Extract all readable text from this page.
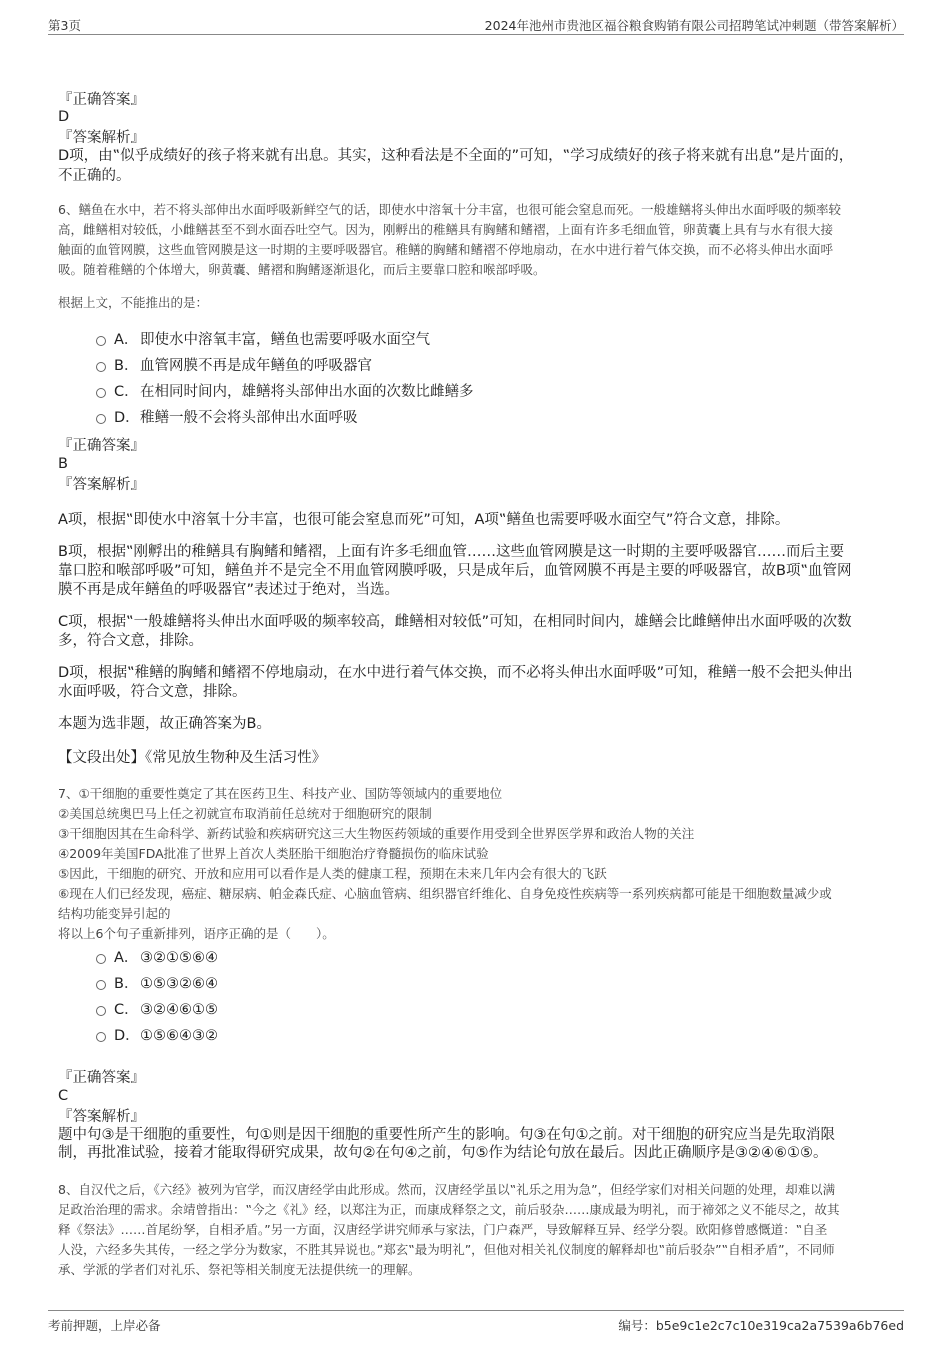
第3页	2024年池州市贵池区福谷粮食购销有限公司招聘笔试冲刺题（带答案解析）
『正确答案』
D
『答案解析』
D项，由‟似乎成绩好的孩子将来就有出息。其实，这种看法是不全面的”可知，‟学习成绩好的孩子将来就有出息”是片面的，
不正确的。
6、鳝鱼在水中，若不将头部伸出水面呼吸新鲜空气的话，即使水中溶氧十分丰富，也很可能会窒息而死。一般雄鳝将头伸出水面呼吸的频率较
高，雌鳝相对较低，小雌鳝甚至不到水面吞吐空气。因为，刚孵出的稚鳝具有胸鳍和鳍褶，上面有许多毛细血管，卵黄囊上具有与水有很大接
触面的血管网膜，这些血管网膜是这一时期的主要呼吸器官。稚鳝的胸鳍和鳍褶不停地扇动，在水中进行着气体交换，而不必将头伸出水面呼
吸。随着稚鳝的个体增大，卵黄囊、鳍褶和胸鳍逐渐退化，而后主要靠口腔和喉部呼吸。
根据上文，不能推出的是：
A． 即使水中溶氧丰富，鳝鱼也需要呼吸水面空气
B． 血管网膜不再是成年鳝鱼的呼吸器官
C．在相同时间内，雄鳝将头部伸出水面的次数比雌鳝多
D．稚鳝一般不会将头部伸出水面呼吸
『正确答案』
B
『答案解析』
A项，根据‟即使水中溶氧十分丰富，也很可能会窒息而死”可知，A项‟鳝鱼也需要呼吸水面空气”符合文意，排除。
B项，根据‟刚孵出的稚鳝具有胸鳍和鳍褶，上面有许多毛细血管……这些血管网膜是这一时期的主要呼吸器官……而后主要
靠口腔和喉部呼吸”可知，鳝鱼并不是完全不用血管网膜呼吸，只是成年后，血管网膜不再是主要的呼吸器官，故B项‟血管网
膜不再是成年鳝鱼的呼吸器官”表述过于绝对，当选。
C项，根据‟一般雄鳝将头伸出水面呼吸的频率较高，雌鳝相对较低”可知，在相同时间内，雄鳝会比雌鳝伸出水面呼吸的次数
多，符合文意，排除。
D项，根据‟稚鳝的胸鳍和鳍褶不停地扇动，在水中进行着气体交换，而不必将头伸出水面呼吸”可知，稚鳝一般不会把头伸出
水面呼吸，符合文意，排除。
本题为选非题，故正确答案为B。
【文段出处】《常见放生物种及生活习性》
7、①干细胞的重要性奠定了其在医药卫生、科技产业、国防等领域内的重要地位
②美国总统奥巴马上任之初就宣布取消前任总统对于细胞研究的限制
③干细胞因其在生命科学、新药试验和疾病研究这三大生物医药领域的重要作用受到全世界医学界和政治人物的关注
④2009年美国FDA批准了世界上首次人类胚胎干细胞治疗脊髓损伤的临床试验
⑤因此，干细胞的研究、开放和应用可以看作是人类的健康工程，预期在未来几年内会有很大的飞跃
⑥现在人们已经发现，癌症、糖尿病、帕金森氏症、心脑血管病、组织器官纤维化、自身免疫性疾病等一系列疾病都可能是干细胞数量减少或
结构功能变异引起的
将以上6个句子重新排列，语序正确的是（　　）。
A． ③②①⑤⑥④
B． ①⑤③②⑥④
C．③②④⑥①⑤
D．①⑤⑥④③②
『正确答案』
C
『答案解析』
题中句③是干细胞的重要性，句①则是因干细胞的重要性所产生的影响。句③在句①之前。对干细胞的研究应当是先取消限
制，再批准试验，接着才能取得研究成果，故句②在句④之前，句⑤作为结论句放在最后。因此正确顺序是③②④⑥①⑤。
8、自汉代之后，《六经》被列为官学，而汉唐经学由此形成。然而，汉唐经学虽以‟礼乐之用为急”，但经学家们对相关问题的处理，却难以满
足政治治理的需求。余靖曾指出：‟今之《礼》经，以郑注为正，而康成释祭之文，前后驳杂……康成最为明礼，而于禘郊之义不能尽之，故其
释《祭法》……首尾纷孥，自相矛盾。”另一方面，汉唐经学讲究师承与家法，门户森严，导致解释互异、经学分裂。欧阳修曾感慨道：‟自圣
人没，六经多失其传，一经之学分为数家，不胜其异说也。”郑玄‟最为明礼”，但他对相关礼仪制度的解释却也‟前后驳杂”‟自相矛盾”，不同师
承、学派的学者们对礼乐、祭祀等相关制度无法提供统一的理解。
考前押题，上岸必备	编号：b5e9c1e2c7c10e319ca2a7539a6b76ed
